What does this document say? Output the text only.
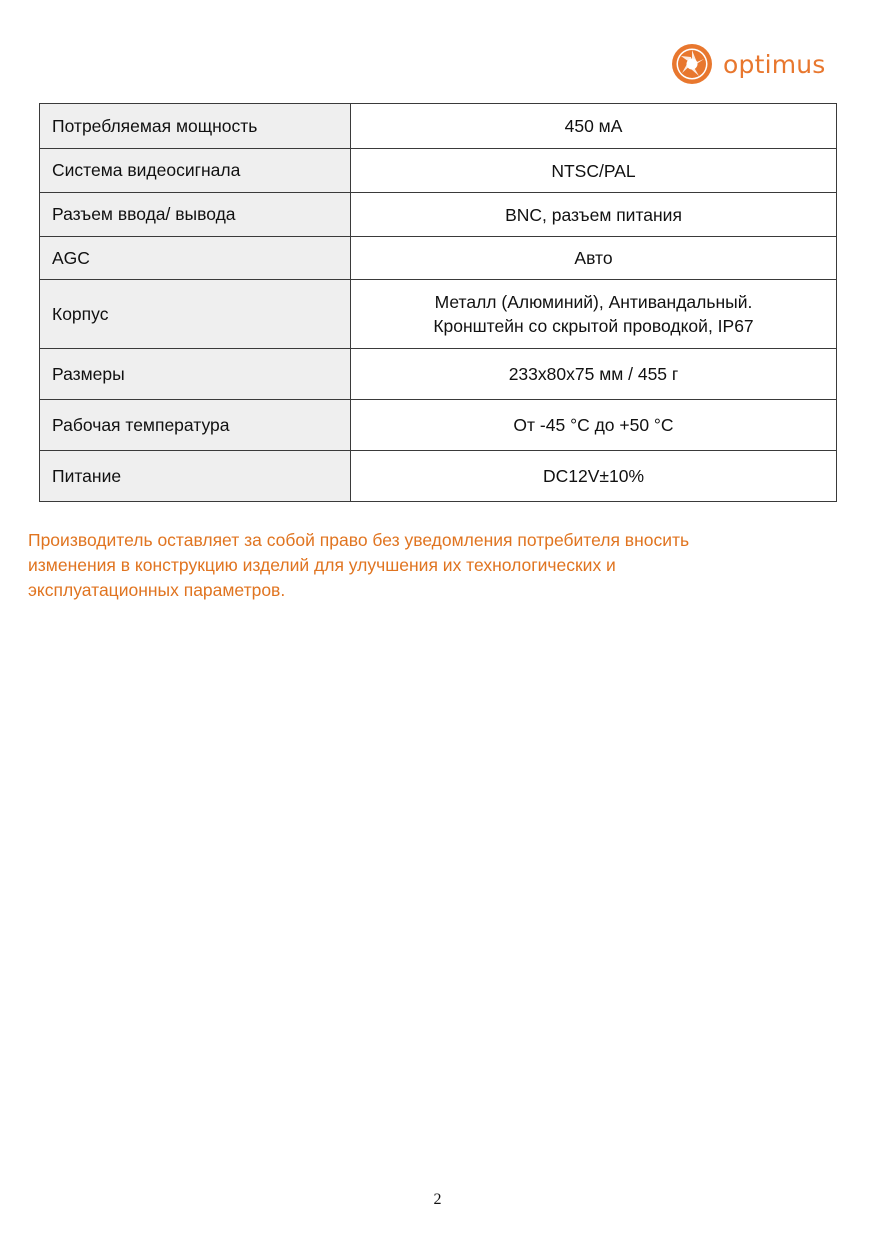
optimus
Потребляемая мощность	450 мА

Система видеосигнала	NTSC/PAL

Разъем ввода/ вывода	BNC, разъем питания

AGC	Авто

Корпус	Металл (Алюминий), Антивандальный.
Кронштейн со скрытой проводкой, IP67

Размеры	233x80x75 мм / 455 г

Рабочая температура	От -45 °С до +50 °С

Питание	DC12V±10%
Производитель оставляет за собой право без уведомления потребителя вносить
изменения в конструкцию изделий для улучшения их технологических и
эксплуатационных параметров.
2
